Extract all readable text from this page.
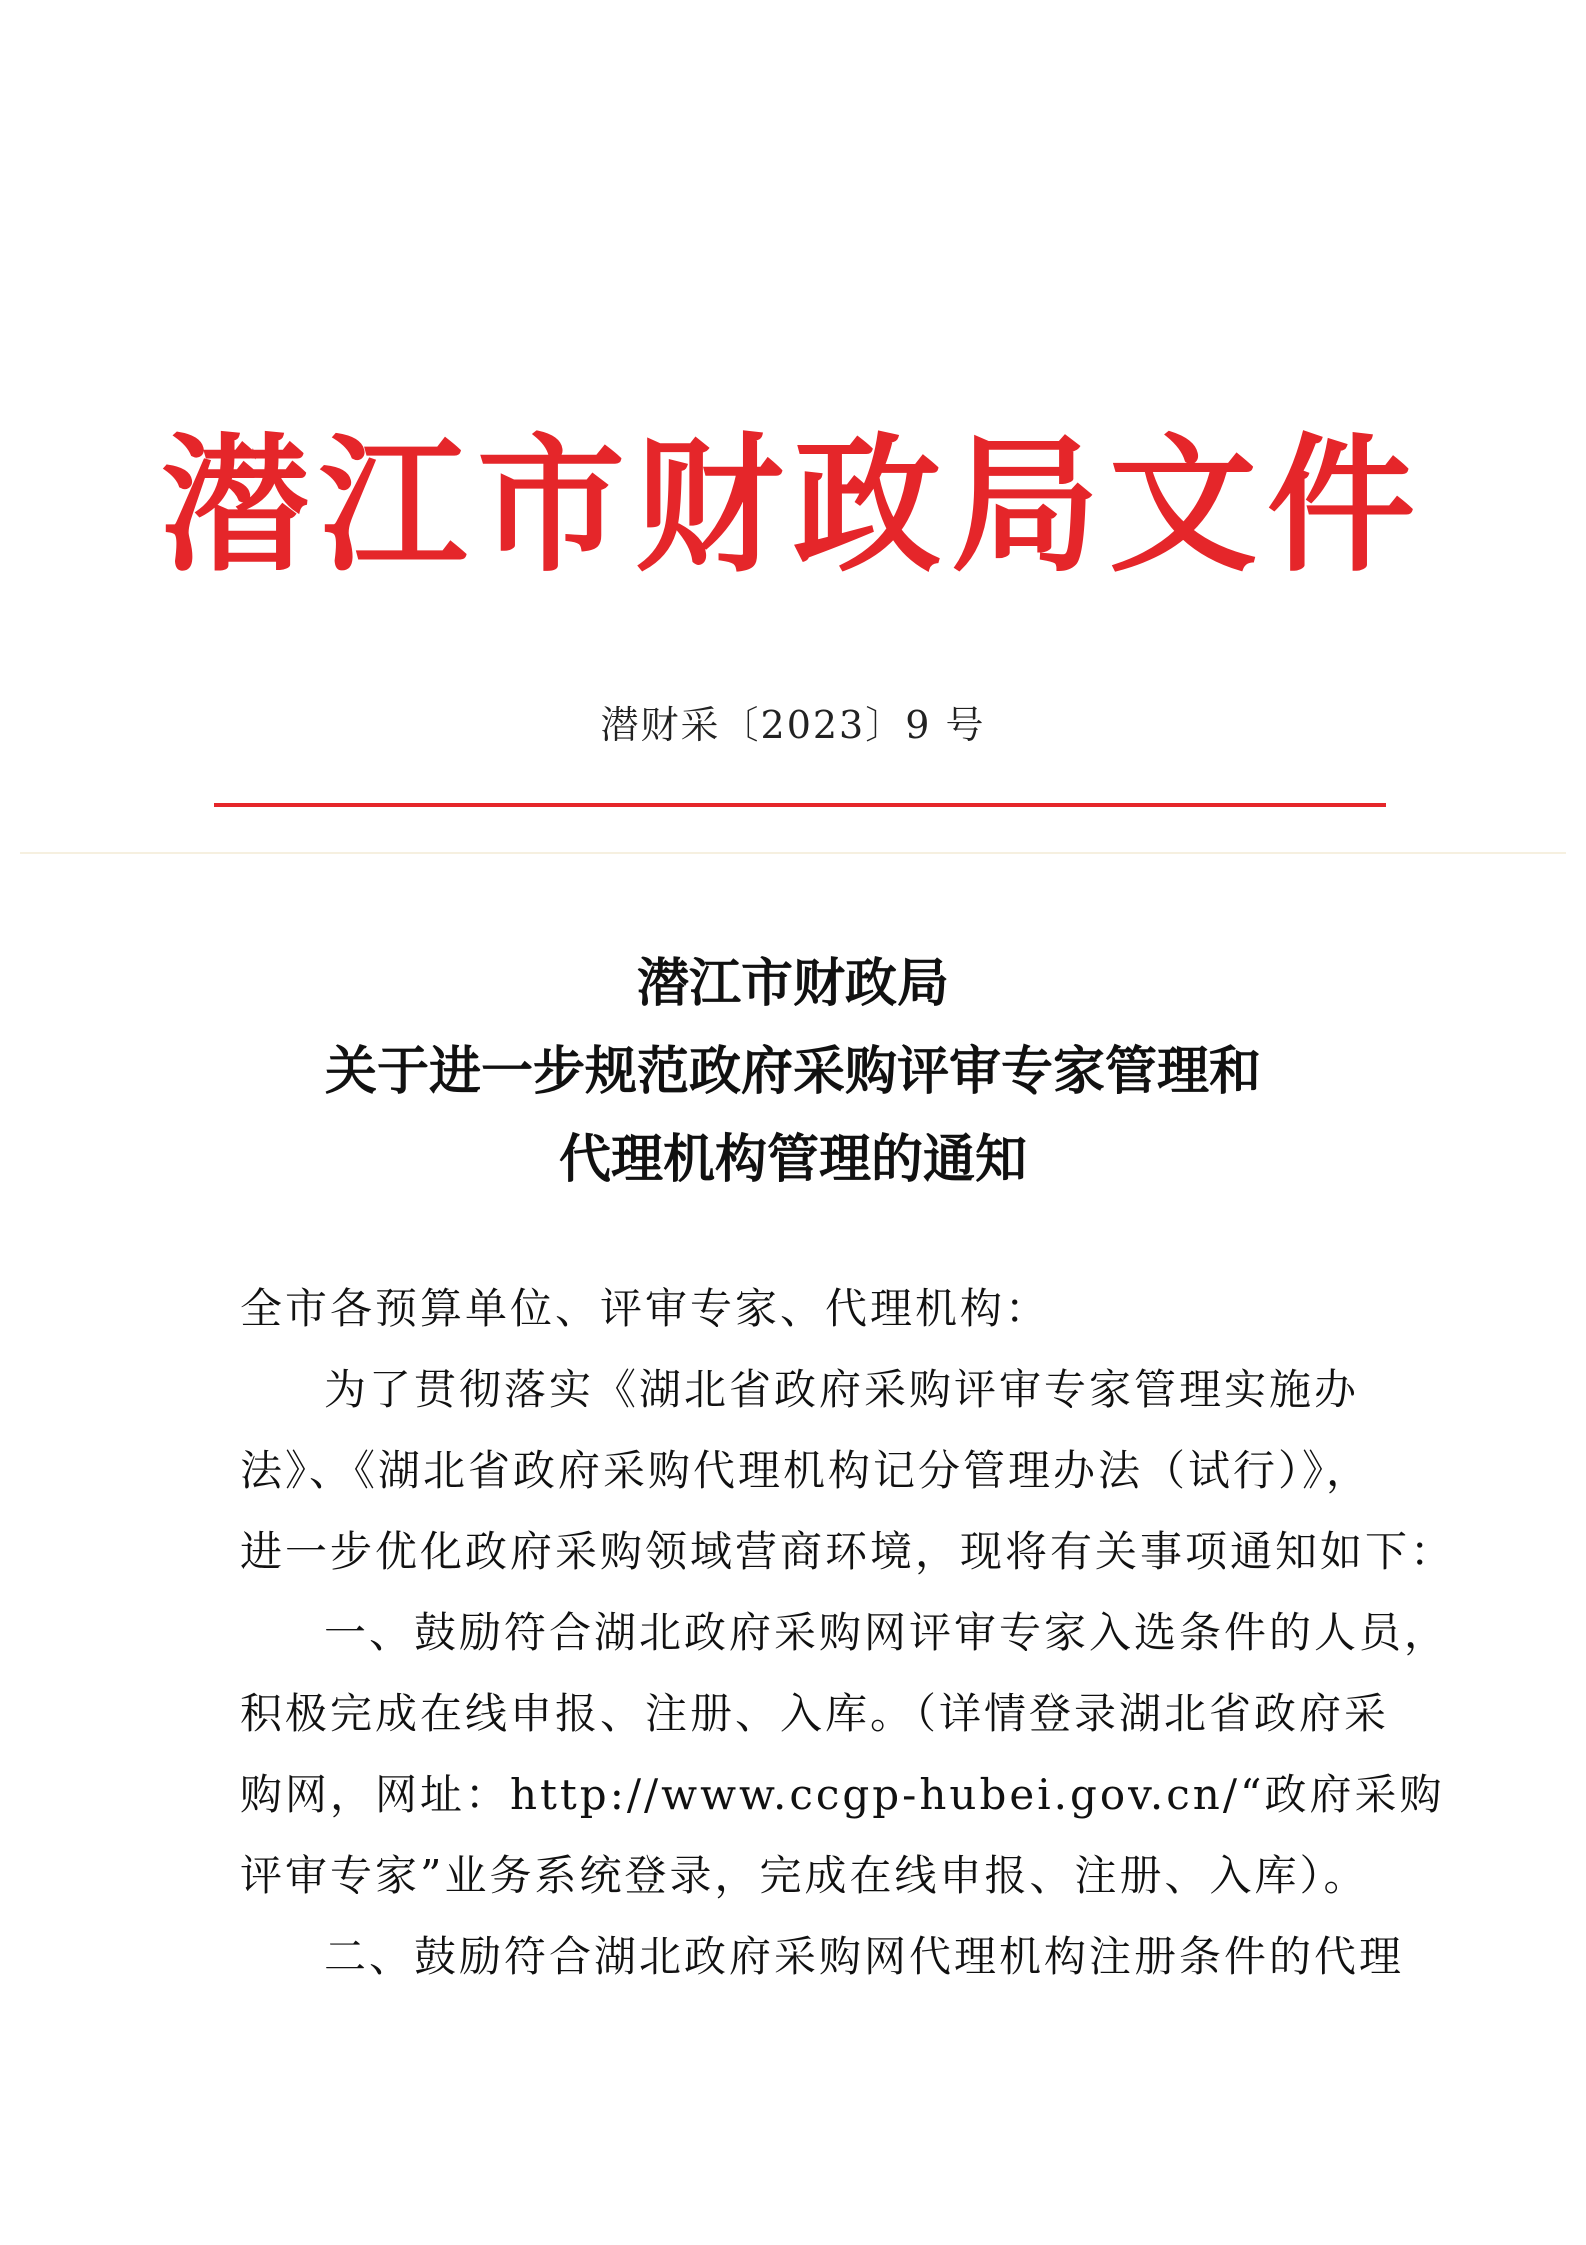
潜江市财政局文件
潜财采〔2023〕9 号
潜江市财政局
关于进一步规范政府采购评审专家管理和
代理机构管理的通知
全市各预算单位、评审专家、代理机构：
为了贯彻落实《湖北省政府采购评审专家管理实施办
法》、《湖北省政府采购代理机构记分管理办法（试行）》，
进一步优化政府采购领域营商环境，现将有关事项通知如下：
一、鼓励符合湖北政府采购网评审专家入选条件的人员，
积极完成在线申报、注册、入库。（详情登录湖北省政府采
购网，网址：http://www.ccgp-hubei.gov.cn/“政府采购
评审专家”业务系统登录，完成在线申报、注册、入库）。
二、鼓励符合湖北政府采购网代理机构注册条件的代理
